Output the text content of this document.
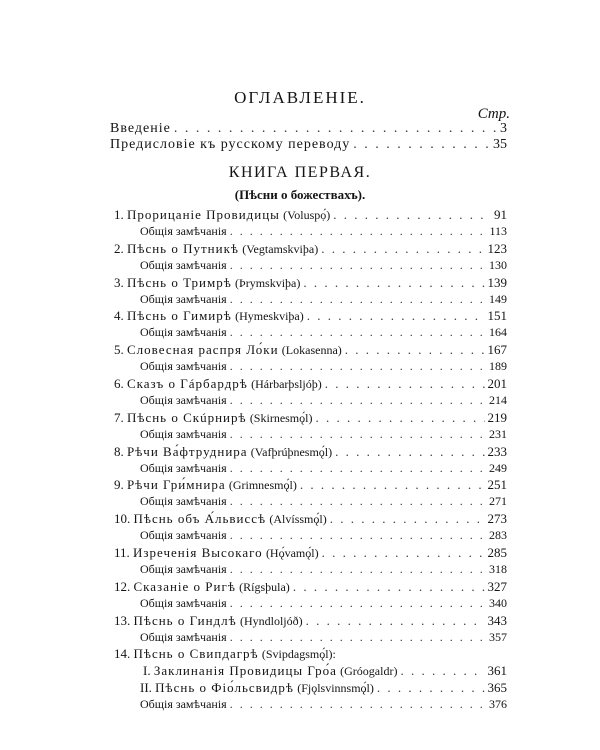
ОГЛАВЛЕНІЕ.
Стр.
Введеніе . . .	3
Предисловіе къ русскому переводу . . .	35
КНИГА ПЕРВАЯ.
(Пѣсни о божествахъ).
1. Прорицаніе Провидицы (Voluspọ́) . . .	91
Общія замѣчанія . . .	113
2. Пѣснь о Путникѣ (Vegtamskviþa) . . .	123
Общія замѣчанія . . .	130
3. Пѣснь о Тримрѣ (Þrymskviþa) . . .	139
Общія замѣчанія . . .	149
4. Пѣснь о Гимирѣ (Hymeskviþa) . . .	151
Общія замѣчанія . . .	164
5. Словесная распря Ло́ки (Lokasenna) . . .	167
Общія замѣчанія . . .	189
6. Сказъ о Гáрбардрѣ (Hárbarþsljóþ) . . .	201
Общія замѣчанія . . .	214
7. Пѣснь о Скúрнирѣ (Skirnesmǫ́l) . . .	219
Общія замѣчанія . . .	231
8. Рѣчи Ва́фтруднира (Vafþrúþnesmǫ́l) . . .	233
Общія замѣчанія . . .	249
9. Рѣчи Гри́мнира (Grimnesmǫ́l) . . .	251
Общія замѣчанія . . .	271
10. Пѣснь объ А́львиссѣ (Alvíssmǫ́l) . . .	273
Общія замѣчанія . . .	283
11. Изреченія Высокаго (Hǫ́vamǫ́l) . . .	285
Общія замѣчанія . . .	318
12. Сказаніе о Ригѣ (Rígsþula) . . .	327
Общія замѣчанія . . .	340
13. Пѣснь о Гиндлѣ (Hyndloljóð) . . .	343
Общія замѣчанія . . .	357
14. Пѣснь о Свипдагрѣ (Svipdagsmǫ́l):
I. Заклинанія Провидицы Гро́а (Gróogaldr) . . .	361
II. Пѣснь о Фіо́льсвидрѣ (Fjǫlsvinnsmǫ́l) . . .	365
Общія замѣчанія . . .	376
